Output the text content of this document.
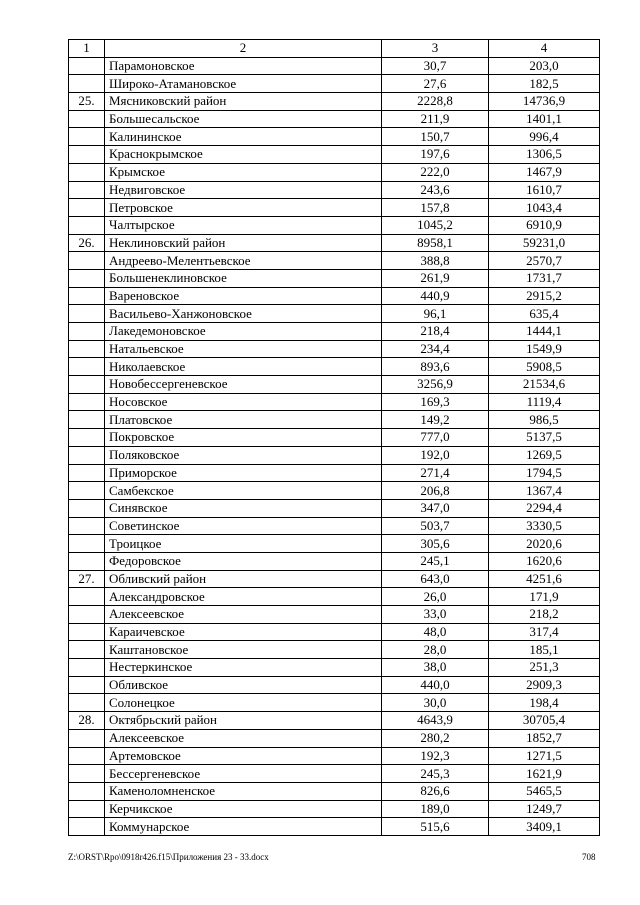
1	2	3	4
	Парамоновское	30,7	203,0
	Широко-Атамановское	27,6	182,5
25.	Мясниковский район	2228,8	14736,9
	Большесальское	211,9	1401,1
	Калининское	150,7	996,4
	Краснокрымское	197,6	1306,5
	Крымское	222,0	1467,9
	Недвиговское	243,6	1610,7
	Петровское	157,8	1043,4
	Чалтырское	1045,2	6910,9
26.	Неклиновский район	8958,1	59231,0
	Андреево-Мелентьевское	388,8	2570,7
	Большенеклиновское	261,9	1731,7
	Вареновское	440,9	2915,2
	Васильево-Ханжоновское	96,1	635,4
	Лакедемоновское	218,4	1444,1
	Натальевское	234,4	1549,9
	Николаевское	893,6	5908,5
	Новобессергеневское	3256,9	21534,6
	Носовское	169,3	1119,4
	Платовское	149,2	986,5
	Покровское	777,0	5137,5
	Поляковское	192,0	1269,5
	Приморское	271,4	1794,5
	Самбекское	206,8	1367,4
	Синявское	347,0	2294,4
	Советинское	503,7	3330,5
	Троицкое	305,6	2020,6
	Федоровское	245,1	1620,6
27.	Обливский район	643,0	4251,6
	Александровское	26,0	171,9
	Алексеевское	33,0	218,2
	Караичевское	48,0	317,4
	Каштановское	28,0	185,1
	Нестеркинское	38,0	251,3
	Обливское	440,0	2909,3
	Солонецкое	30,0	198,4
28.	Октябрьский район	4643,9	30705,4
	Алексеевское	280,2	1852,7
	Артемовское	192,3	1271,5
	Бессергеневское	245,3	1621,9
	Каменоломненское	826,6	5465,5
	Керчикское	189,0	1249,7
	Коммунарское	515,6	3409,1
Z:\ORST\Rpo\0918r426.f15\Приложения 23 - 33.docx	708
